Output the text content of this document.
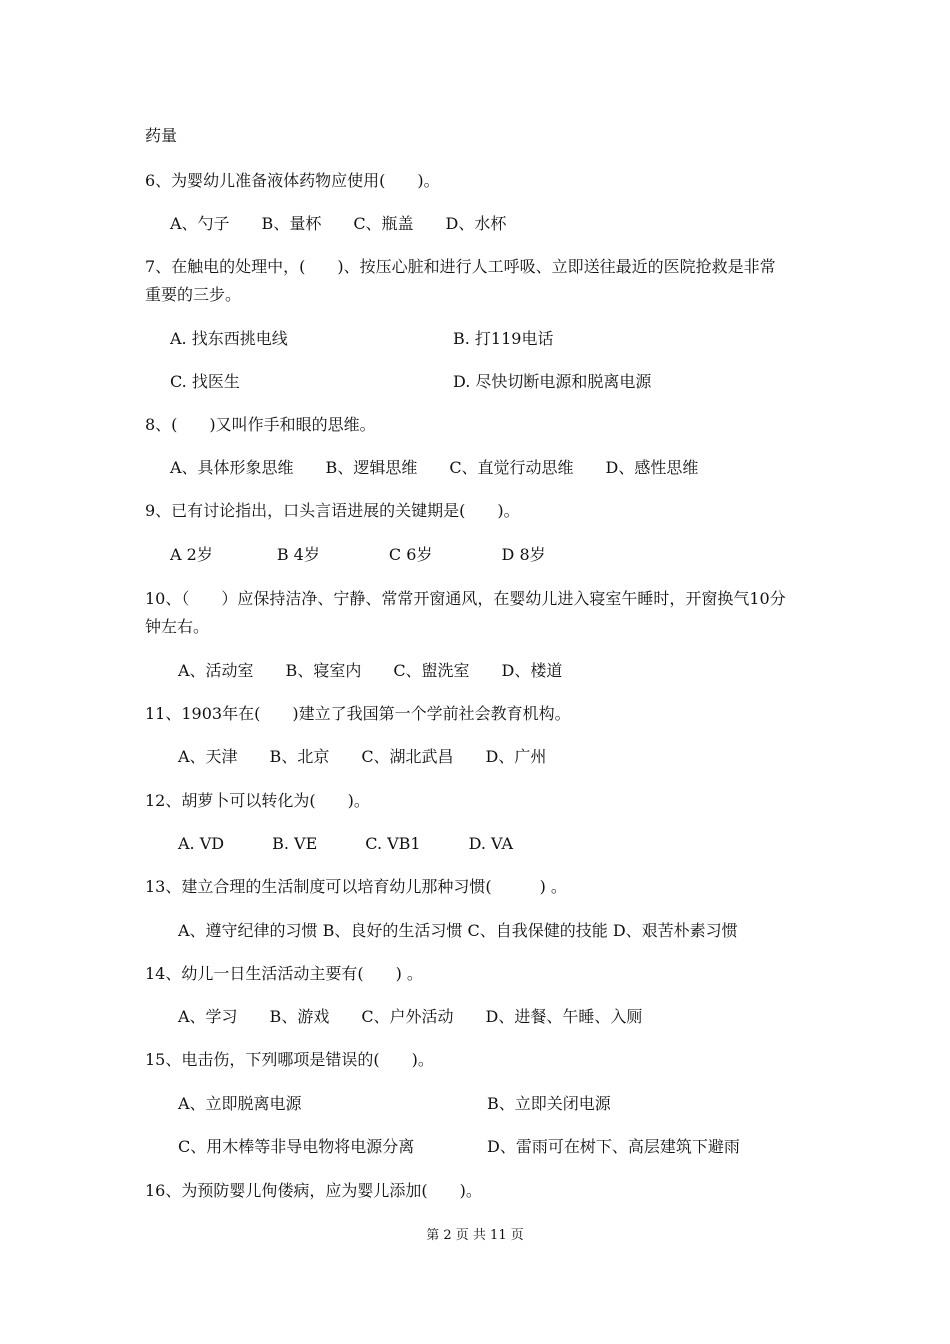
药量
6、为婴幼儿准备液体药物应使用(　　)。
A、勺子　　B、量杯　　C、瓶盖　　D、水杯
7、在触电的处理中，(　　)、按压心脏和进行人工呼吸、立即送往最近的医院抢救是非常
重要的三步。
A. 找东西挑电线	B. 打119电话
C. 找医生	D. 尽快切断电源和脱离电源
8、(　　)又叫作手和眼的思维。
A、具体形象思维　　B、逻辑思维　　C、直觉行动思维　　D、感性思维
9、已有讨论指出，口头言语进展的关键期是(　　)。
A 2岁　　　　B 4岁　　　　 C 6岁　　　　 D 8岁
10、（　　）应保持洁净、宁静、常常开窗通风，在婴幼儿进入寝室午睡时，开窗换气10分
钟左右。
A、活动室　　B、寝室内　　C、盥洗室　　D、楼道
11、1903年在(　　)建立了我国第一个学前社会教育机构。
A、天津　　B、北京　　C、湖北武昌　　D、广州
12、胡萝卜可以转化为(　　)。
A. VD　　　B. VE　　　C. VB1　　　D. VA
13、建立合理的生活制度可以培育幼儿那种习惯(　　　) 。
A、遵守纪律的习惯 B、良好的生活习惯 C、自我保健的技能 D、艰苦朴素习惯
14、幼儿一日生活活动主要有(　　) 。
A、学习　　B、游戏　　C、户外活动　　D、进餐、午睡、入厕
15、电击伤，下列哪项是错误的(　　)。
A、立即脱离电源	B、立即关闭电源
C、用木棒等非导电物将电源分离	D、雷雨可在树下、高层建筑下避雨
16、为预防婴儿佝偻病，应为婴儿添加(　　)。
第 2 页 共 11 页
